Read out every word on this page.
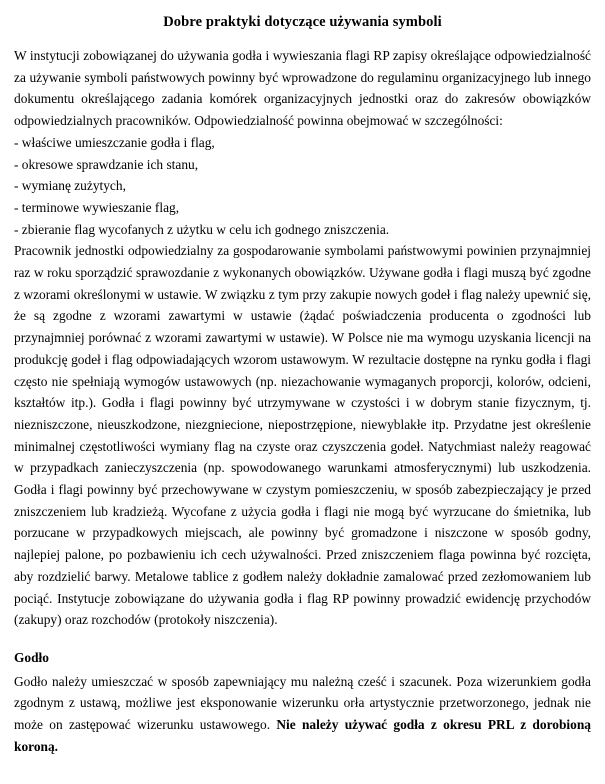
Dobre praktyki dotyczące używania symboli

W instytucji zobowiązanej do używania godła i wywieszania flagi RP zapisy określające odpowiedzialność za używanie symboli państwowych powinny być wprowadzone do regulaminu organizacyjnego lub innego dokumentu określającego zadania komórek organizacyjnych jednostki oraz do zakresów obowiązków odpowiedzialnych pracowników. Odpowiedzialność powinna obejmować w szczególności:

- właściwe umieszczanie godła i flag,
- okresowe sprawdzanie ich stanu,
- wymianę zużytych,
- terminowe wywieszanie flag,
- zbieranie flag wycofanych z użytku w celu ich godnego zniszczenia.

Pracownik jednostki odpowiedzialny za gospodarowanie symbolami państwowymi powinien przynajmniej raz w roku sporządzić sprawozdanie z wykonanych obowiązków. Używane godła i flagi muszą być zgodne z wzorami określonymi w ustawie. W związku z tym przy zakupie nowych godeł i flag należy upewnić się, że są zgodne z wzorami zawartymi w ustawie (żądać poświadczenia producenta o zgodności lub przynajmniej porównać z wzorami zawartymi w ustawie). W Polsce nie ma wymogu uzyskania licencji na produkcję godeł i flag odpowiadających wzorom ustawowym. W rezultacie dostępne na rynku godła i flagi często nie spełniają wymogów ustawowych (np. niezachowanie wymaganych proporcji, kolorów, odcieni, kształtów itp.). Godła i flagi powinny być utrzymywane w czystości i w dobrym stanie fizycznym, tj. niezniszczone, nieuszkodzone, niezgniecione, niepostrzępione, niewyblakłe itp. Przydatne jest określenie minimalnej częstotliwości wymiany flag na czyste oraz czyszczenia godeł. Natychmiast należy reagować w przypadkach zanieczyszczenia (np. spowodowanego warunkami atmosferycznymi) lub uszkodzenia. Godła i flagi powinny być przechowywane w czystym pomieszczeniu, w sposób zabezpieczający je przed zniszczeniem lub kradzieżą. Wycofane z użycia godła i flagi nie mogą być wyrzucane do śmietnika, lub porzucane w przypadkowych miejscach, ale powinny być gromadzone i niszczone w sposób godny, najlepiej palone, po pozbawieniu ich cech używalności. Przed zniszczeniem flaga powinna być rozcięta, aby rozdzielić barwy. Metalowe tablice z godłem należy dokładnie zamalować przed zezłomowaniem lub pociąć. Instytucje zobowiązane do używania godła i flag RP powinny prowadzić ewidencję przychodów (zakupy) oraz rozchodów (protokoły niszczenia).

Godło

Godło należy umieszczać w sposób zapewniający mu należną cześć i szacunek. Poza wizerunkiem godła zgodnym z ustawą, możliwe jest eksponowanie wizerunku orła artystycznie przetworzonego, jednak nie może on zastępować wizerunku ustawowego. Nie należy używać godła z okresu PRL z dorobioną koroną.
